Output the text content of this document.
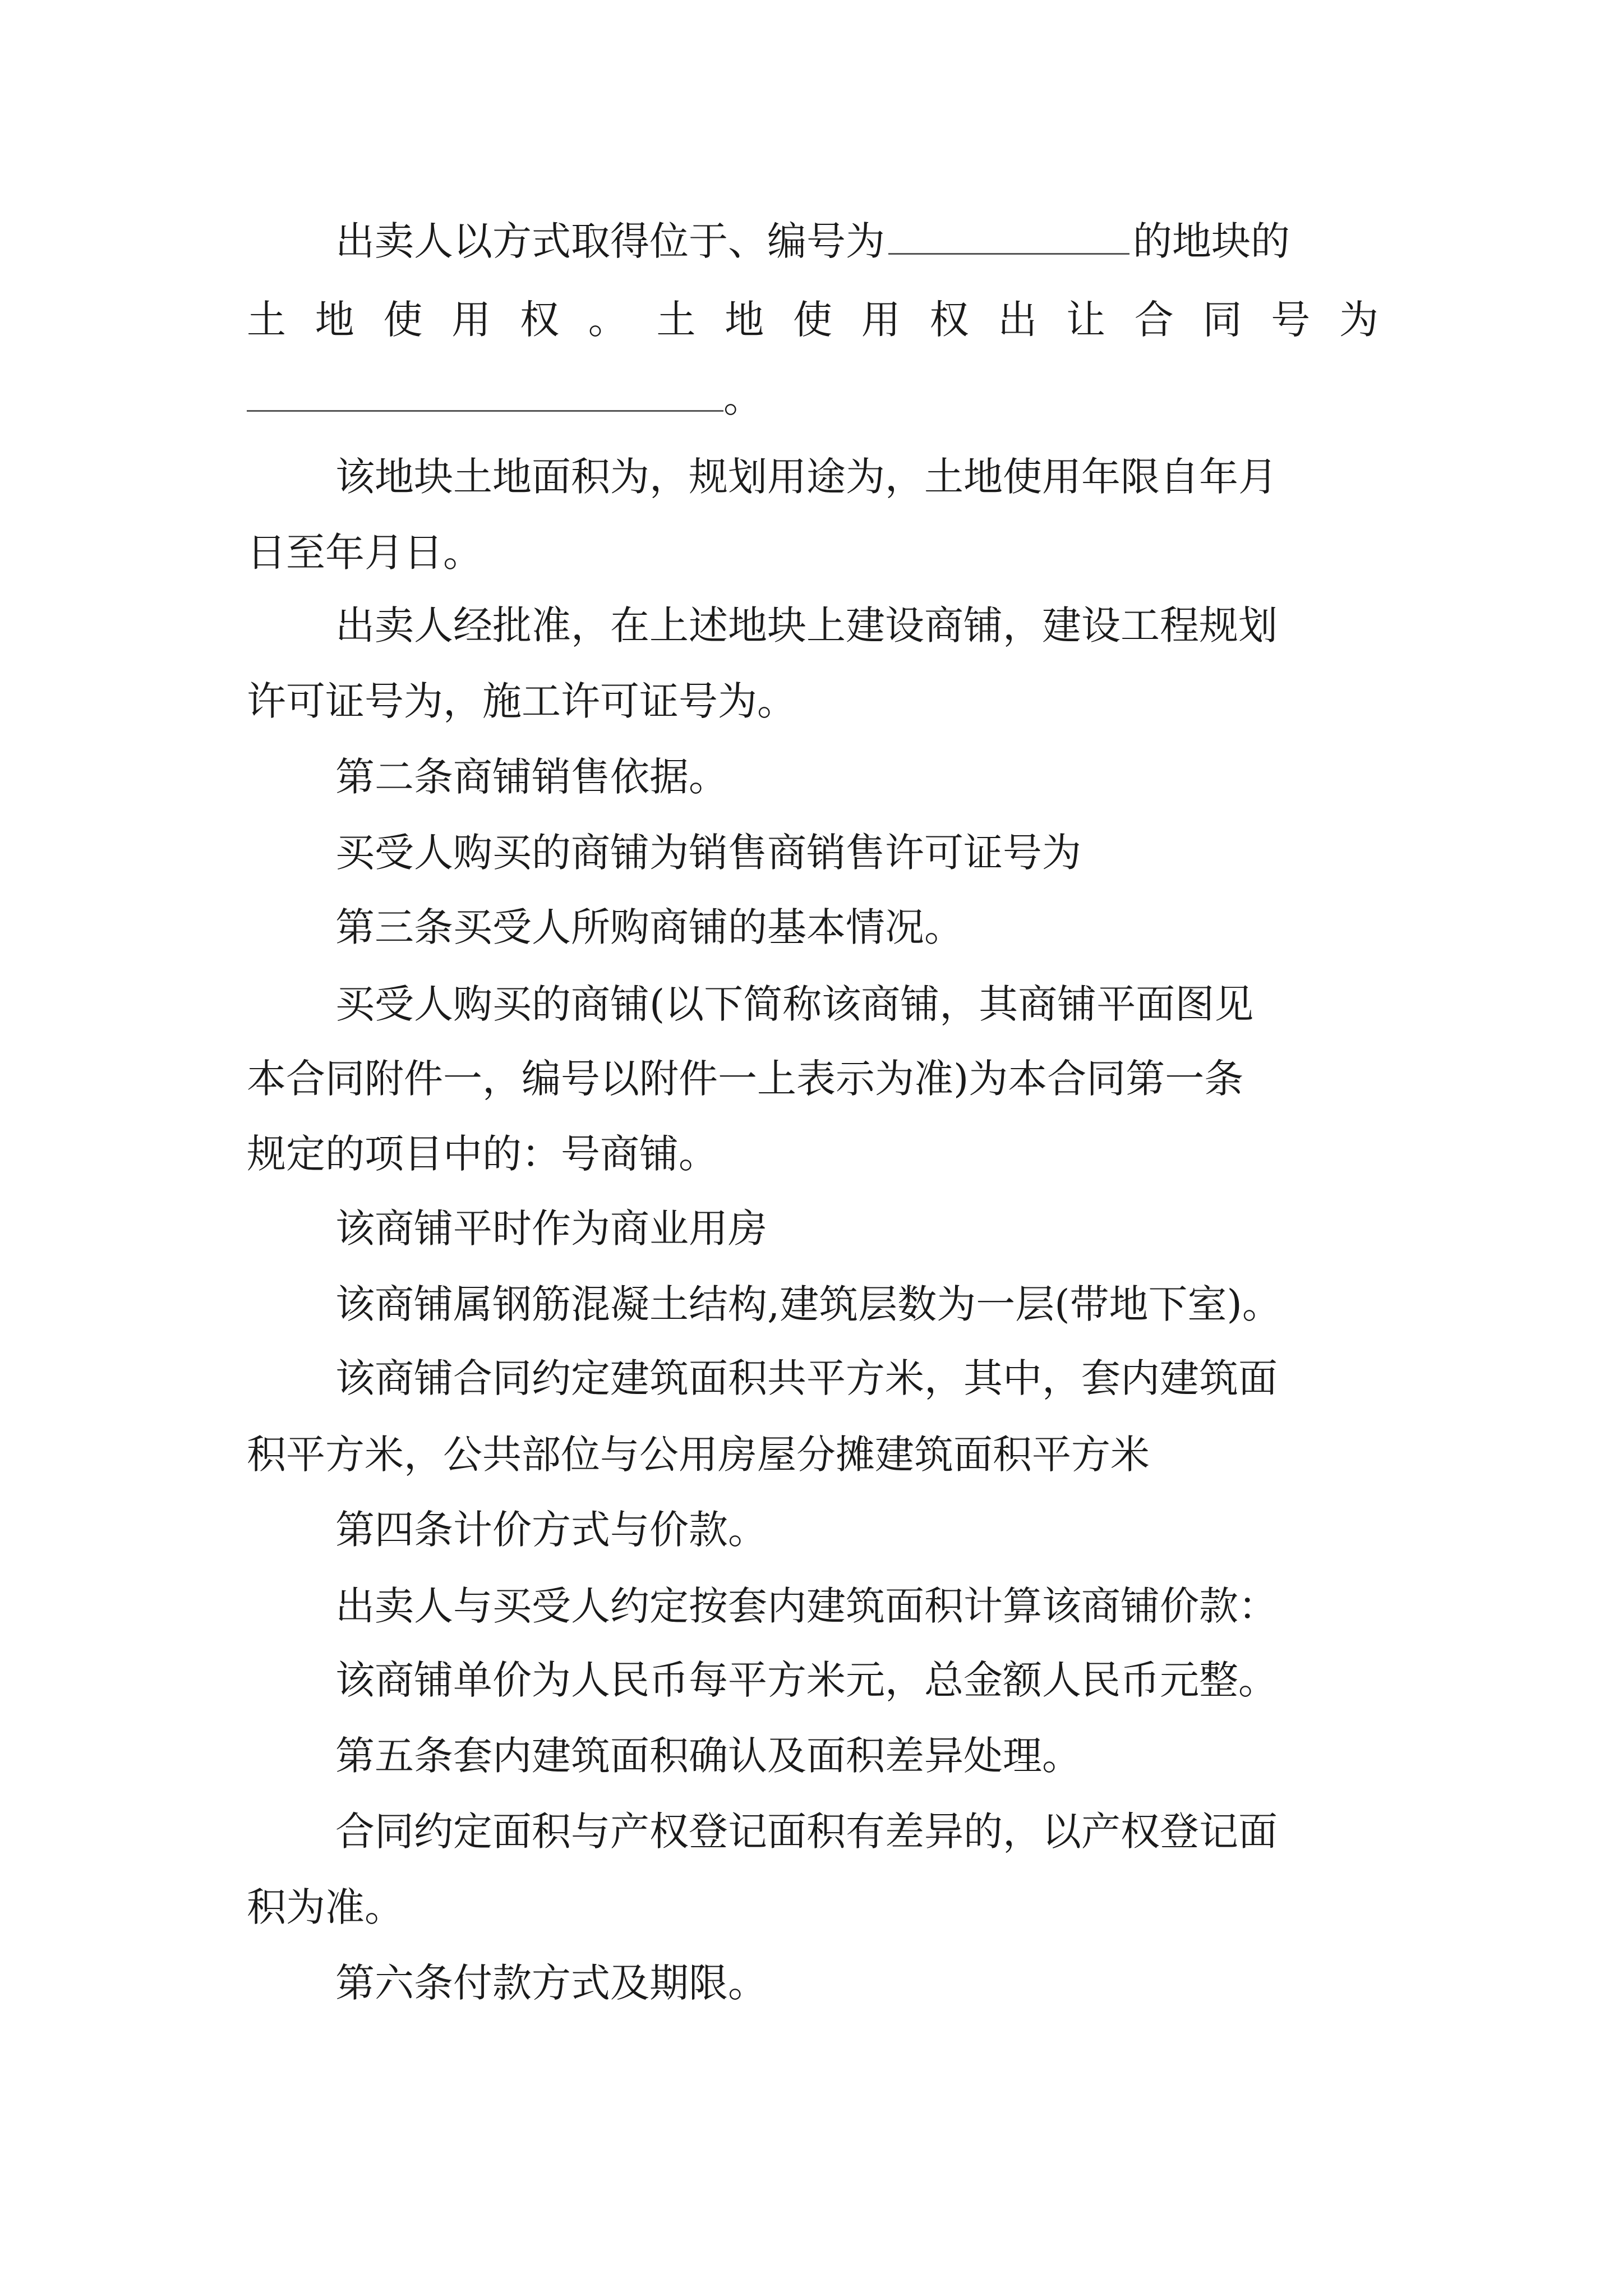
出卖人以方式取得位于、编号为	的地块的
土地使用权。土地使用权出让合同号为
。
该地块土地面积为，规划用途为，土地使用年限自年月
日至年月日。
出卖人经批准，在上述地块上建设商铺，建设工程规划
许可证号为，施工许可证号为。
第二条商铺销售依据。
买受人购买的商铺为销售商销售许可证号为
第三条买受人所购商铺的基本情况。
买受人购买的商铺(以下简称该商铺，其商铺平面图见
本合同附件一，编号以附件一上表示为准)为本合同第一条
规定的项目中的：号商铺。
该商铺平时作为商业用房
该商铺属钢筋混凝土结构,建筑层数为一层(带地下室)。
该商铺合同约定建筑面积共平方米，其中，套内建筑面
积平方米，公共部位与公用房屋分摊建筑面积平方米
第四条计价方式与价款。
出卖人与买受人约定按套内建筑面积计算该商铺价款：
该商铺单价为人民币每平方米元，总金额人民币元整。
第五条套内建筑面积确认及面积差异处理。
合同约定面积与产权登记面积有差异的，以产权登记面
积为准。
第六条付款方式及期限。
